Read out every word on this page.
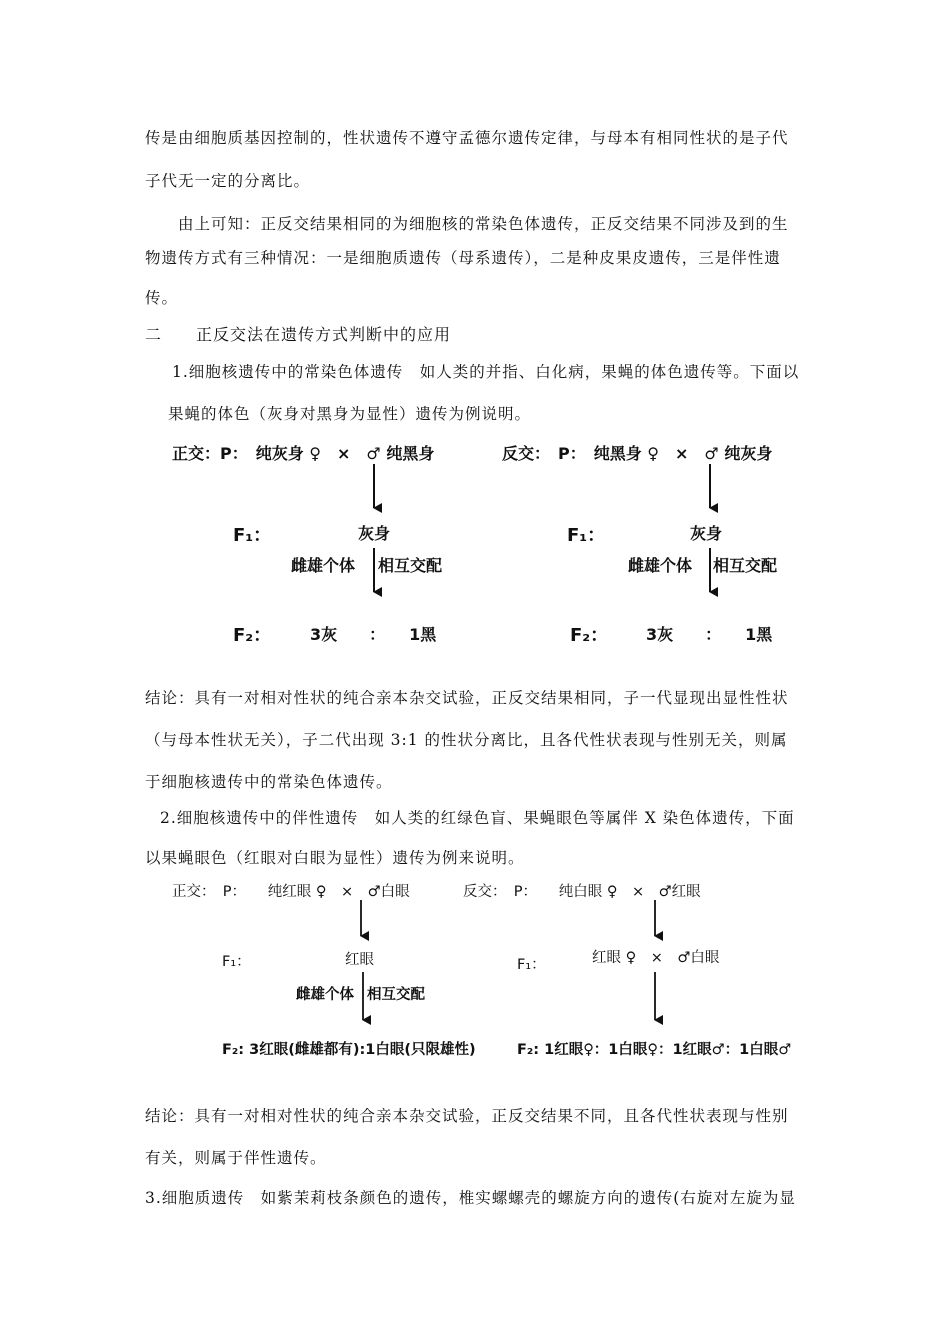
传是由细胞质基因控制的，性状遗传不遵守孟德尔遗传定律，与母本有相同性状的是子代
子代无一定的分离比。
由上可知：正反交结果相同的为细胞核的常染色体遗传，正反交结果不同涉及到的生
物遗传方式有三种情况：一是细胞质遗传（母系遗传），二是种皮果皮遗传，三是伴性遗
传。
二　　正反交法在遗传方式判断中的应用
1.细胞核遗传中的常染色体遗传　如人类的并指、白化病，果蝇的体色遗传等。下面以
果蝇的体色（灰身对黑身为显性）遗传为例说明。
正交：P：　纯灰身 ♀　×　♂ 纯黑身	反交：　P：　纯黑身 ♀　×　♂ 纯灰身
F₁：	灰身	F₁：	灰身
雌雄个体 相互交配	雌雄个体 相互交配
F₂： 3灰　　：　　1黑	F₂： 3灰　　：　　1黑
结论：具有一对相对性状的纯合亲本杂交试验，正反交结果相同，子一代显现出显性性状
（与母本性状无关），子二代出现 3:1 的性状分离比，且各代性状表现与性别无关，则属
于细胞核遗传中的常染色体遗传。
2.细胞核遗传中的伴性遗传　如人类的红绿色盲、果蝇眼色等属伴 X 染色体遗传，下面
以果蝇眼色（红眼对白眼为显性）遗传为例来说明。
正交：　P：　　纯红眼 ♀　×　♂白眼	反交：　P：　　纯白眼 ♀　×　♂红眼
F₁：	红眼	F₁：	红眼 ♀　×　♂白眼
雌雄个体 相互交配
F₂: 3红眼(雌雄都有):1白眼(只限雄性)	F₂: 1红眼♀：1白眼♀：1红眼♂：1白眼♂
结论：具有一对相对性状的纯合亲本杂交试验，正反交结果不同，且各代性状表现与性别
有关，则属于伴性遗传。
3.细胞质遗传　如紫茉莉枝条颜色的遗传，椎实螺螺壳的螺旋方向的遗传(右旋对左旋为显
